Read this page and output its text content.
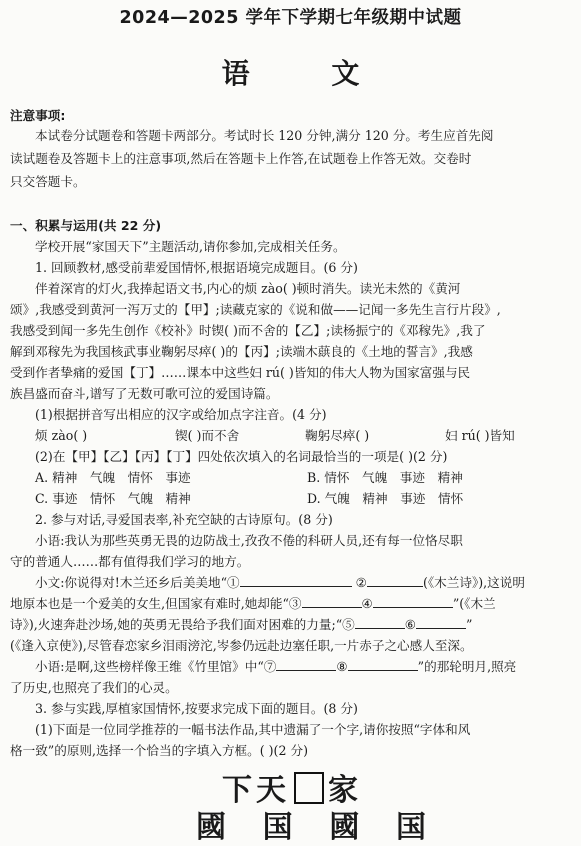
2024—2025 学年下学期七年级期中试题
语 文
注意事项:
本试卷分试题卷和答题卡两部分。考试时长 120 分钟,满分 120 分。考生应首先阅
读试题卷及答题卡上的注意事项,然后在答题卡上作答,在试题卷上作答无效。交卷时
只交答题卡。
一、积累与运用(共 22 分)
学校开展“家国天下”主题活动,请你参加,完成相关任务。
1. 回顾教材,感受前辈爱国情怀,根据语境完成题目。(6 分)
伴着深宵的灯火,我捧起语文书,内心的烦 zào( )顿时消失。读光未然的《黄河
颂》,我感受到黄河一泻万丈的【甲】;读藏克家的《说和做——记闻一多先生言行片段》,
我感受到闻一多先生创作《校补》时锲( )而不舍的【乙】;读杨振宁的《邓稼先》,我了
解到邓稼先为我国核武事业鞠躬尽瘁( )的【丙】;读端木蕻良的《土地的誓言》,我感
受到作者挚痛的爱国【丁】……课本中这些妇 rú( )皆知的伟大人物为国家富强与民
族昌盛而奋斗,谱写了无数可歌可泣的爱国诗篇。
(1)根据拼音写出相应的汉字或给加点字注音。(4 分)
烦 zào( )	锲( )而不舍	鞠躬尽瘁( )	妇 rú( )皆知
(2)在【甲】【乙】【丙】【丁】四处依次填入的名词最恰当的一项是( )(2 分)
A. 精神　气魄　情怀　事迹	B. 情怀　气魄　事迹　精神
C. 事迹　情怀　气魄　精神	D. 气魄　精神　事迹　情怀
2. 参与对话,寻爱国表率,补充空缺的古诗原句。(8 分)
小语:我认为那些英勇无畏的边防战士,孜孜不倦的科研人员,还有每一位恪尽职
守的普通人……都有值得我们学习的地方。
小文:你说得对!木兰还乡后美美地“①	②	(《木兰诗》),这说明
地原本也是一个爱美的女生,但国家有难时,她却能“③	④	”(《木兰
诗》),火速奔赴沙场,她的英勇无畏给予我们面对困难的力量;“⑤	⑥	”
(《逢入京使》),尽管春恋家乡泪雨滂沱,岑参仍远赴边塞任职,一片赤子之心感人至深。
小语:是啊,这些榜样像王维《竹里馆》中“⑦	⑧	”的那轮明月,照亮
了历史,也照亮了我们的心灵。
3. 参与实践,厚植家国情怀,按要求完成下面的题目。(8 分)
(1)下面是一位同学推荐的一幅书法作品,其中遗漏了一个字,请你按照“字体和风
格一致”的原则,选择一个恰当的字填入方框。( )(2 分)
下天 家
國 国 國 国
